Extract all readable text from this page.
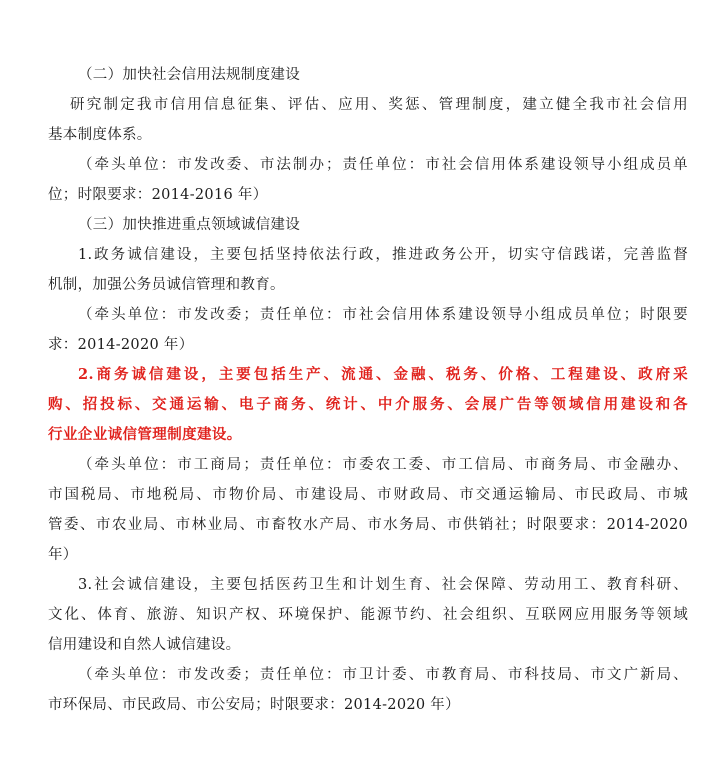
（二）加快社会信用法规制度建设
研究制定我市信用信息征集、评估、应用、奖惩、管理制度，建立健全我市社会信用
基本制度体系。
（牵头单位：市发改委、市法制办；责任单位：市社会信用体系建设领导小组成员单
位；时限要求：2014-2016 年）
（三）加快推进重点领域诚信建设
1.政务诚信建设，主要包括坚持依法行政，推进政务公开，切实守信践诺，完善监督
机制，加强公务员诚信管理和教育。
（牵头单位：市发改委；责任单位：市社会信用体系建设领导小组成员单位；时限要
求：2014-2020 年）
2.商务诚信建设，主要包括生产、流通、金融、税务、价格、工程建设、政府采
购、招投标、交通运输、电子商务、统计、中介服务、会展广告等领域信用建设和各
行业企业诚信管理制度建设。
（牵头单位：市工商局；责任单位：市委农工委、市工信局、市商务局、市金融办、
市国税局、市地税局、市物价局、市建设局、市财政局、市交通运输局、市民政局、市城
管委、市农业局、市林业局、市畜牧水产局、市水务局、市供销社；时限要求：2014-2020
年）
3.社会诚信建设，主要包括医药卫生和计划生育、社会保障、劳动用工、教育科研、
文化、体育、旅游、知识产权、环境保护、能源节约、社会组织、互联网应用服务等领域
信用建设和自然人诚信建设。
（牵头单位：市发改委；责任单位：市卫计委、市教育局、市科技局、市文广新局、
市环保局、市民政局、市公安局；时限要求：2014-2020 年）
